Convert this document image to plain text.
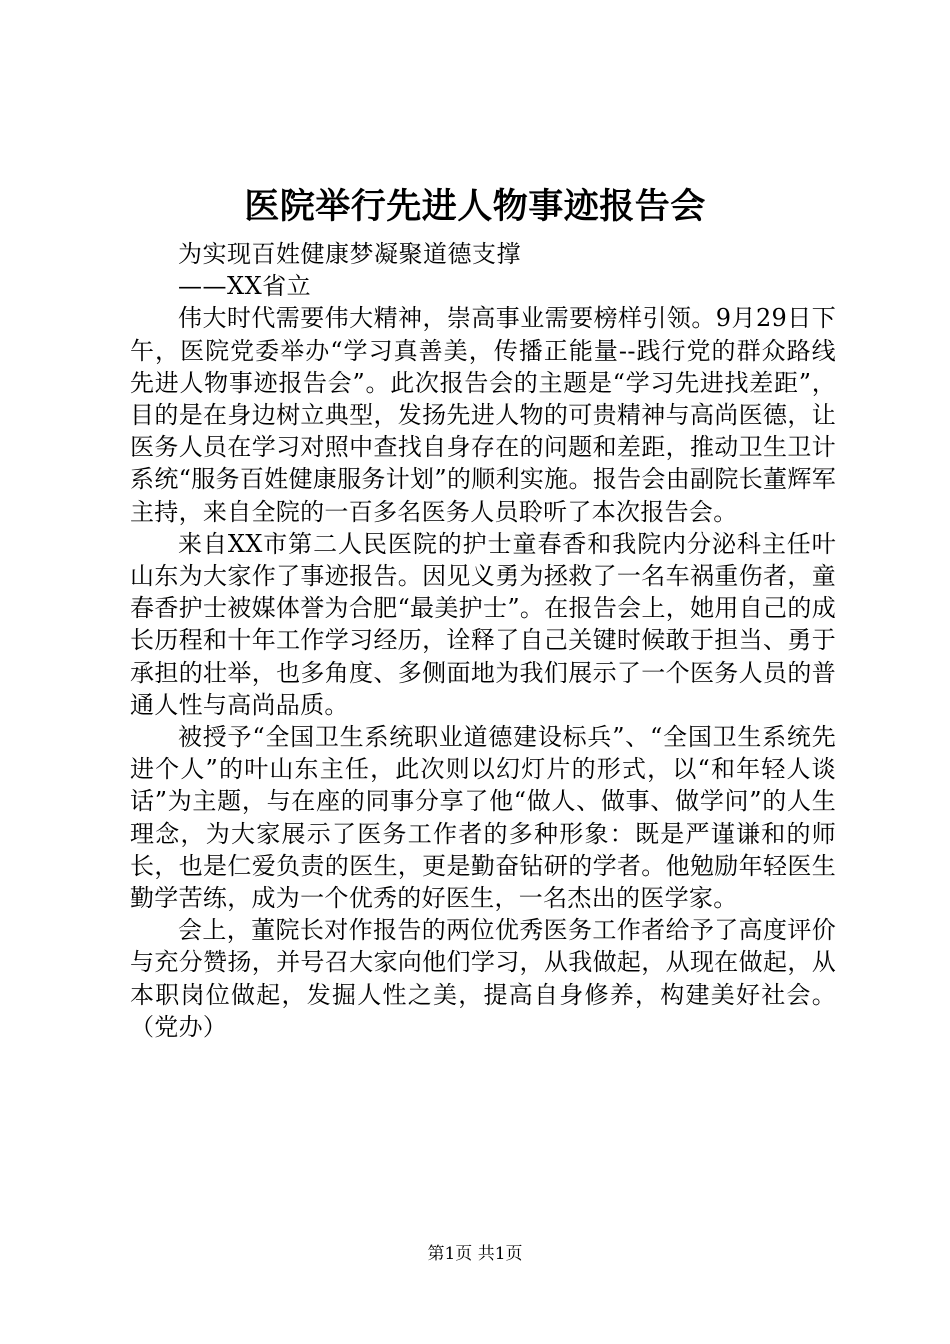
医院举行先进人物事迹报告会
为实现百姓健康梦凝聚道德支撑
——XX省立

伟大时代需要伟大精神，崇高事业需要榜样引领。9月29日下午，医院党委举办“学习真善美，传播正能量--践行党的群众路线先进人物事迹报告会”。此次报告会的主题是“学习先进找差距”，目的是在身边树立典型，发扬先进人物的可贵精神与高尚医德，让医务人员在学习对照中查找自身存在的问题和差距，推动卫生卫计系统“服务百姓健康服务计划”的顺利实施。报告会由副院长董辉军主持，来自全院的一百多名医务人员聆听了本次报告会。

来自XX市第二人民医院的护士童春香和我院内分泌科主任叶山东为大家作了事迹报告。因见义勇为拯救了一名车祸重伤者，童春香护士被媒体誉为合肥“最美护士”。在报告会上，她用自己的成长历程和十年工作学习经历，诠释了自己关键时候敢于担当、勇于承担的壮举，也多角度、多侧面地为我们展示了一个医务人员的普通人性与高尚品质。

被授予“全国卫生系统职业道德建设标兵”、“全国卫生系统先进个人”的叶山东主任，此次则以幻灯片的形式，以“和年轻人谈话”为主题，与在座的同事分享了他“做人、做事、做学问”的人生理念，为大家展示了医务工作者的多种形象：既是严谨谦和的师长，也是仁爱负责的医生，更是勤奋钻研的学者。他勉励年轻医生勤学苦练，成为一个优秀的好医生，一名杰出的医学家。

会上，董院长对作报告的两位优秀医务工作者给予了高度评价与充分赞扬，并号召大家向他们学习，从我做起，从现在做起，从本职岗位做起，发掘人性之美，提高自身修养，构建美好社会。（党办）

第1页 共1页
